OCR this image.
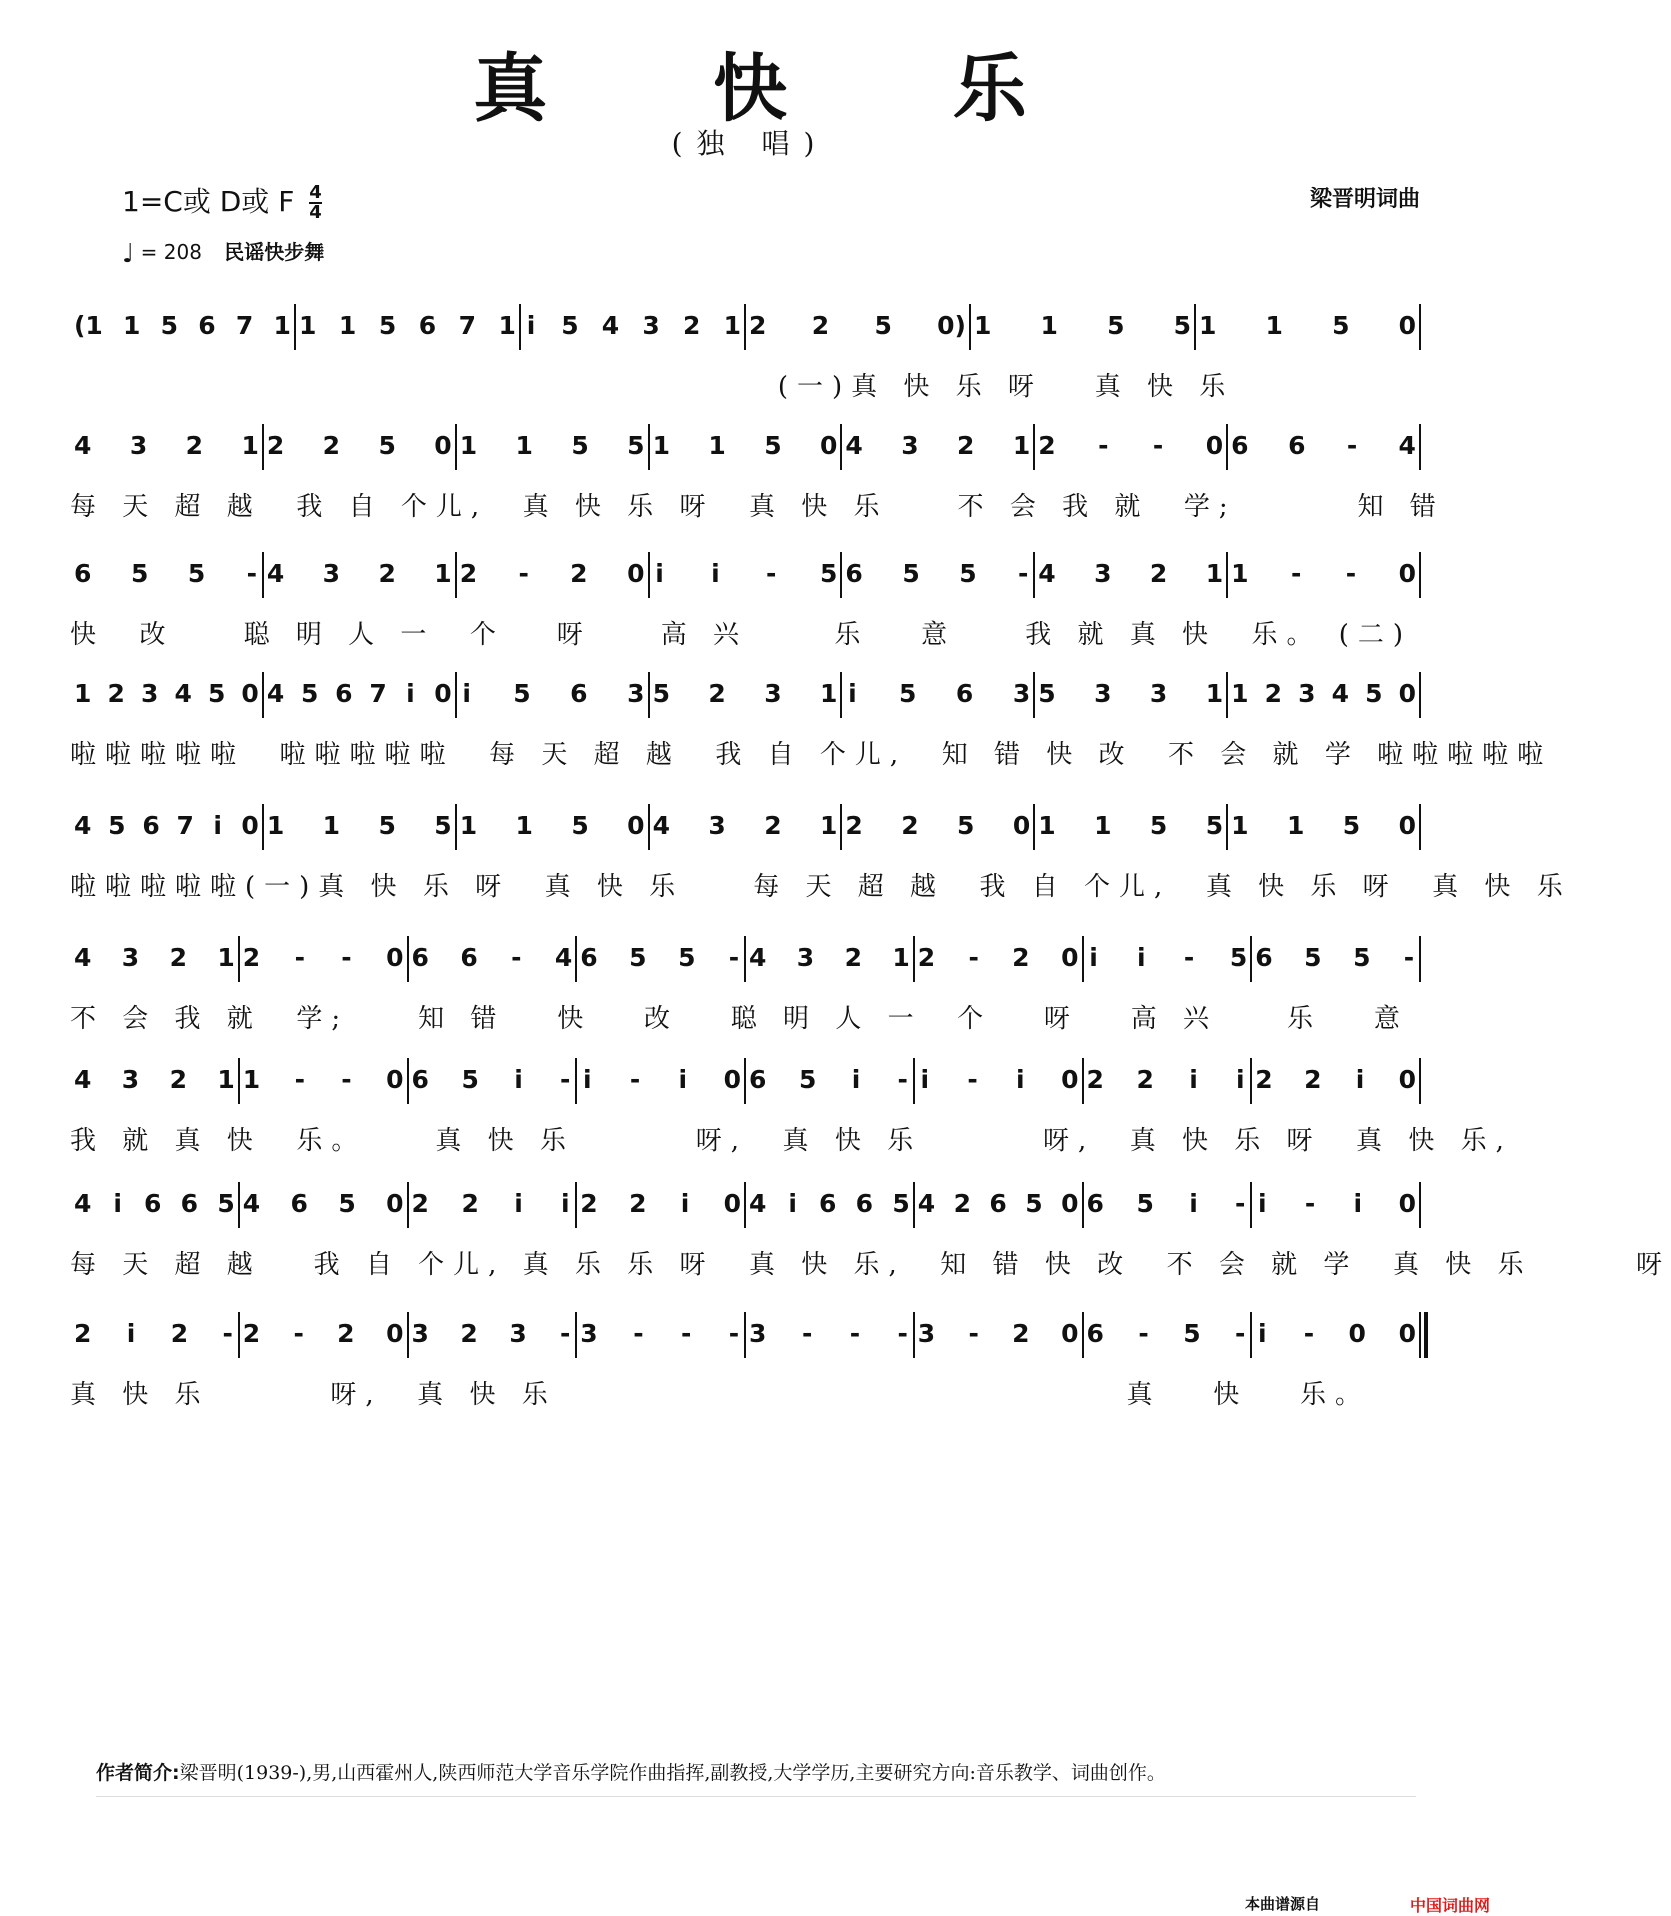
真 快 乐
(独 唱)
1=C或 D或 F $\frac{4}{4}$
♩ = 208 民谣快步舞
梁晋明词曲
(1 1 5 6 7 1 1 1 5 6 7 1 i 5 4 3 2 1 2 2 5 0) 1 1 5 5 1 1 5 0
(一)真 快 乐 呀   真 快 乐
4 3 2 1 2 2 5 0 1 1 5 5 1 1 5 0 4 3 2 1 2 - - 0 6 6 - 4
每 天 超 越  我 自 个儿,  真 快 乐 呀  真 快 乐    不 会 我 就  学;       知 错
6 5 5 - 4 3 2 1 2 - 2 0 i i - 5 6 5 5 - 4 3 2 1 1 - - 0
快  改    聪 明 人 一  个   呀    高 兴     乐   意    我 就 真 快  乐。 (二)
1 2 3 4 5 0 4 5 6 7 i 0 i 5 6 3 5 2 3 1 i 5 6 3 5 3 3 1 1 2 3 4 5 0
啦啦啦啦啦  啦啦啦啦啦  每 天 超 越  我 自 个儿,  知 错 快 改  不 会 就 学 啦啦啦啦啦
4 5 6 7 i 0 1 1 5 5 1 1 5 0 4 3 2 1 2 2 5 0 1 1 5 5 1 1 5 0
啦啦啦啦啦(一)真 快 乐 呀  真 快 乐    每 天 超 越  我 自 个儿,  真 快 乐 呀  真 快 乐
4 3 2 1 2 - - 0 6 6 - 4 6 5 5 - 4 3 2 1 2 - 2 0 i i - 5 6 5 5 -
不 会 我 就  学;    知 错   快   改   聪 明 人 一  个   呀   高 兴    乐   意
4 3 2 1 1 - - 0 6 5 i - i - i 0 6 5 i - i - i 0 2 2 i i 2 2 i 0
我 就 真 快  乐。    真 快 乐       呀,  真 快 乐       呀,  真 快 乐 呀  真 快 乐,
4 i 6 6 5 4 6 5 0 2 2 i i 2 2 i 0 4 i 6 6 5 4 2 6 5 0 6 5 i - i - i 0
每 天 超 越   我 自 个儿, 真 乐 乐 呀  真 快 乐,  知 错 快 改  不 会 就 学  真 快 乐      呀
2 i 2 - 2 - 2 0 3 2 3 - 3 - - - 3 - - - 3 - 2 0 6 - 5 - i - 0 0
真 快 乐       呀,  真 快 乐                                 真   快   乐。
作者简介:梁晋明(1939-),男,山西霍州人,陕西师范大学音乐学院作曲指挥,副教授,大学学历,主要研究方向:音乐教学、词曲创作。
本曲谱源自	中国词曲网
